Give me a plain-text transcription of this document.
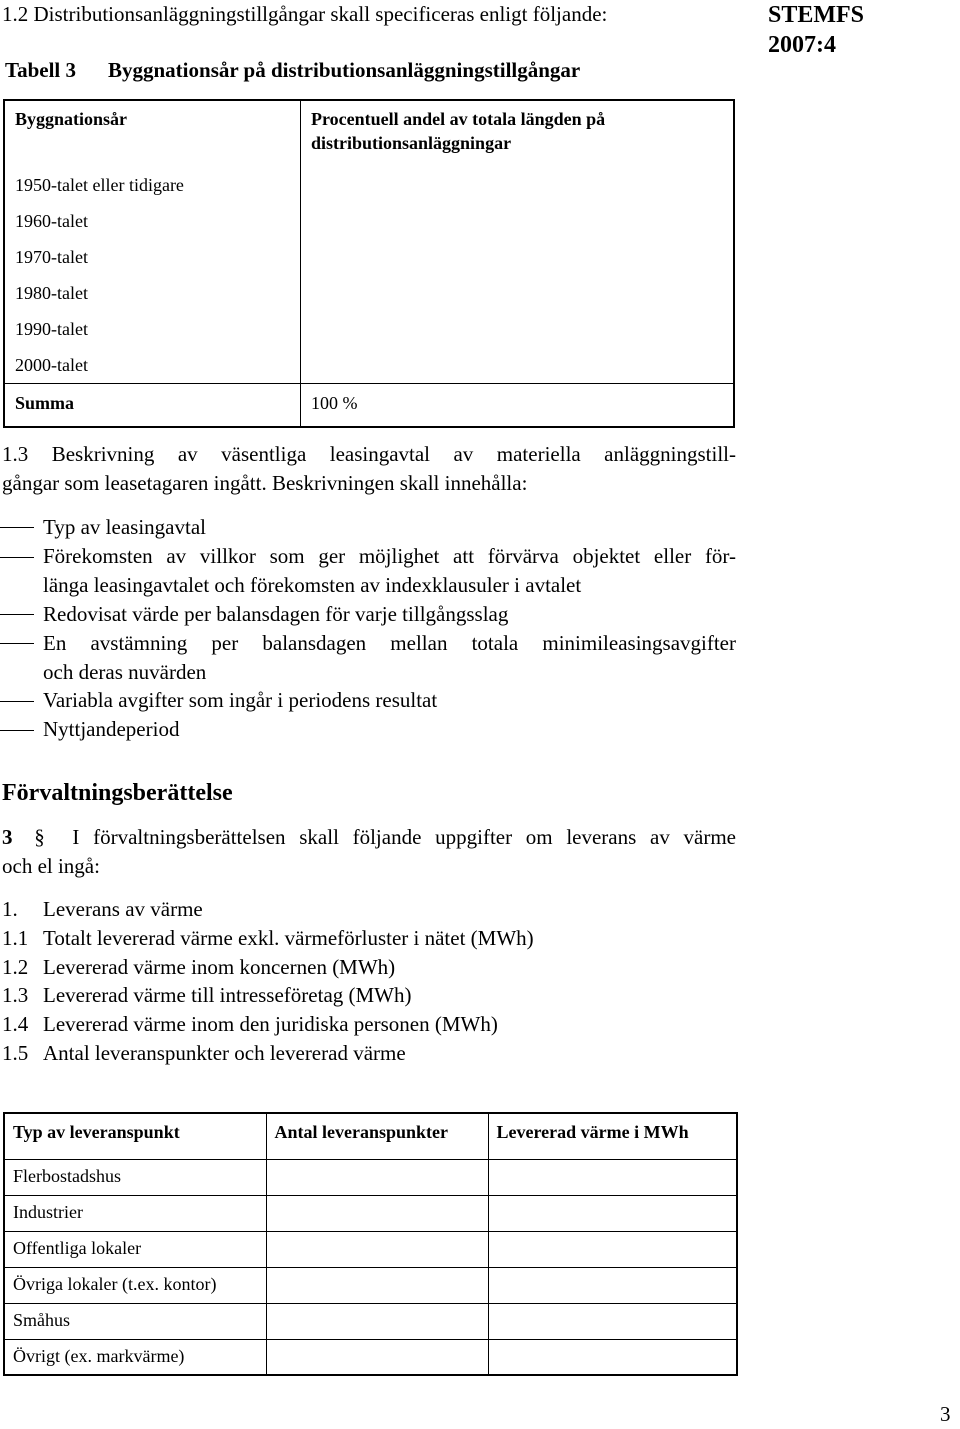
1.2 Distributionsanläggningstillgångar skall specificeras enligt följande:	STEMFS
2007:4
Tabell 3 Byggnationsår på distributionsanläggningstillgångar
Byggnationsår	Procentuell andel av totala längden på distributionsanläggningar
1950-talet eller tidigare	
1960-talet	
1970-talet	
1980-talet	
1990-talet	
2000-talet	
Summa	100 %
1.3 Beskrivning av väsentliga leasingavtal av materiella anläggningstill-
gångar som leasetagaren ingått. Beskrivningen skall innehålla:
Typ av leasingavtal
Förekomsten av villkor som ger möjlighet att förvärva objektet eller för-
länga leasingavtalet och förekomsten av indexklausuler i avtalet
Redovisat värde per balansdagen för varje tillgångsslag
En avstämning per balansdagen mellan totala minimileasingsavgifter
och deras nuvärden
Variabla avgifter som ingår i periodens resultat
Nyttjandeperiod
Förvaltningsberättelse
3 § I förvaltningsberättelsen skall följande uppgifter om leverans av värme
och el ingå:
1. Leverans av värme
1.1 Totalt levererad värme exkl. värmeförluster i nätet (MWh)
1.2 Levererad värme inom koncernen (MWh)
1.3 Levererad värme till intresseföretag (MWh)
1.4 Levererad värme inom den juridiska personen (MWh)
1.5 Antal leveranspunkter och levererad värme
Typ av leveranspunkt	Antal leveranspunkter	Levererad värme i MWh
Flerbostadshus		
Industrier		
Offentliga lokaler		
Övriga lokaler (t.ex. kontor)		
Småhus		
Övrigt (ex. markvärme)		
3
